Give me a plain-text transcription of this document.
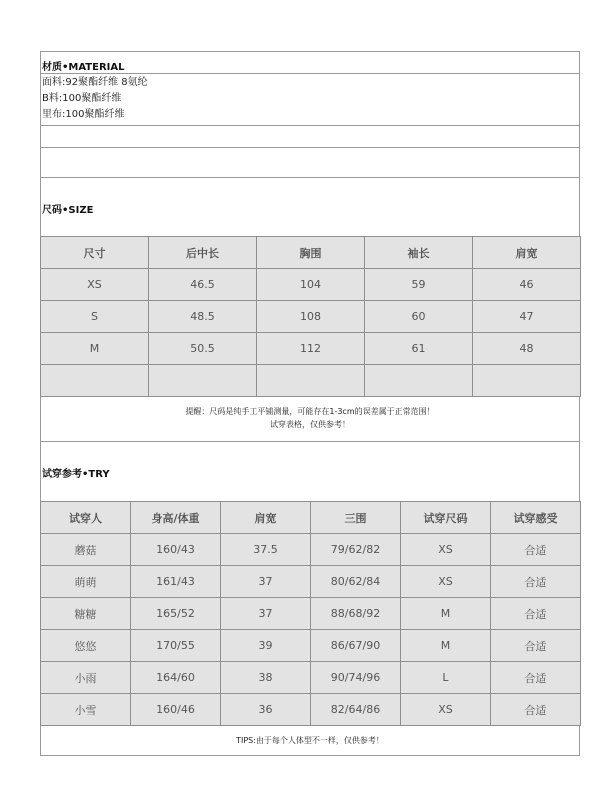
材质•MATERIAL
面料:92聚酯纤维 8氨纶
B料:100聚酯纤维
里布:100聚酯纤维
尺码•SIZE
尺寸	后中长	胸围	袖长	肩宽
XS	46.5	104	59	46
S	48.5	108	60	47
M	50.5	112	61	48

提醒：尺码是纯手工平铺测量，可能存在1-3cm的误差属于正常范围！
试穿表格，仅供参考！
试穿参考•TRY
试穿人	身高/体重	肩宽	三围	试穿尺码	试穿感受
蘑菇	160/43	37.5	79/62/82	XS	合适
萌萌	161/43	37	80/62/84	XS	合适
糖糖	165/52	37	88/68/92	M	合适
悠悠	170/55	39	86/67/90	M	合适
小雨	164/60	38	90/74/96	L	合适
小雪	160/46	36	82/64/86	XS	合适
TIPS:由于每个人体型不一样，仅供参考！
